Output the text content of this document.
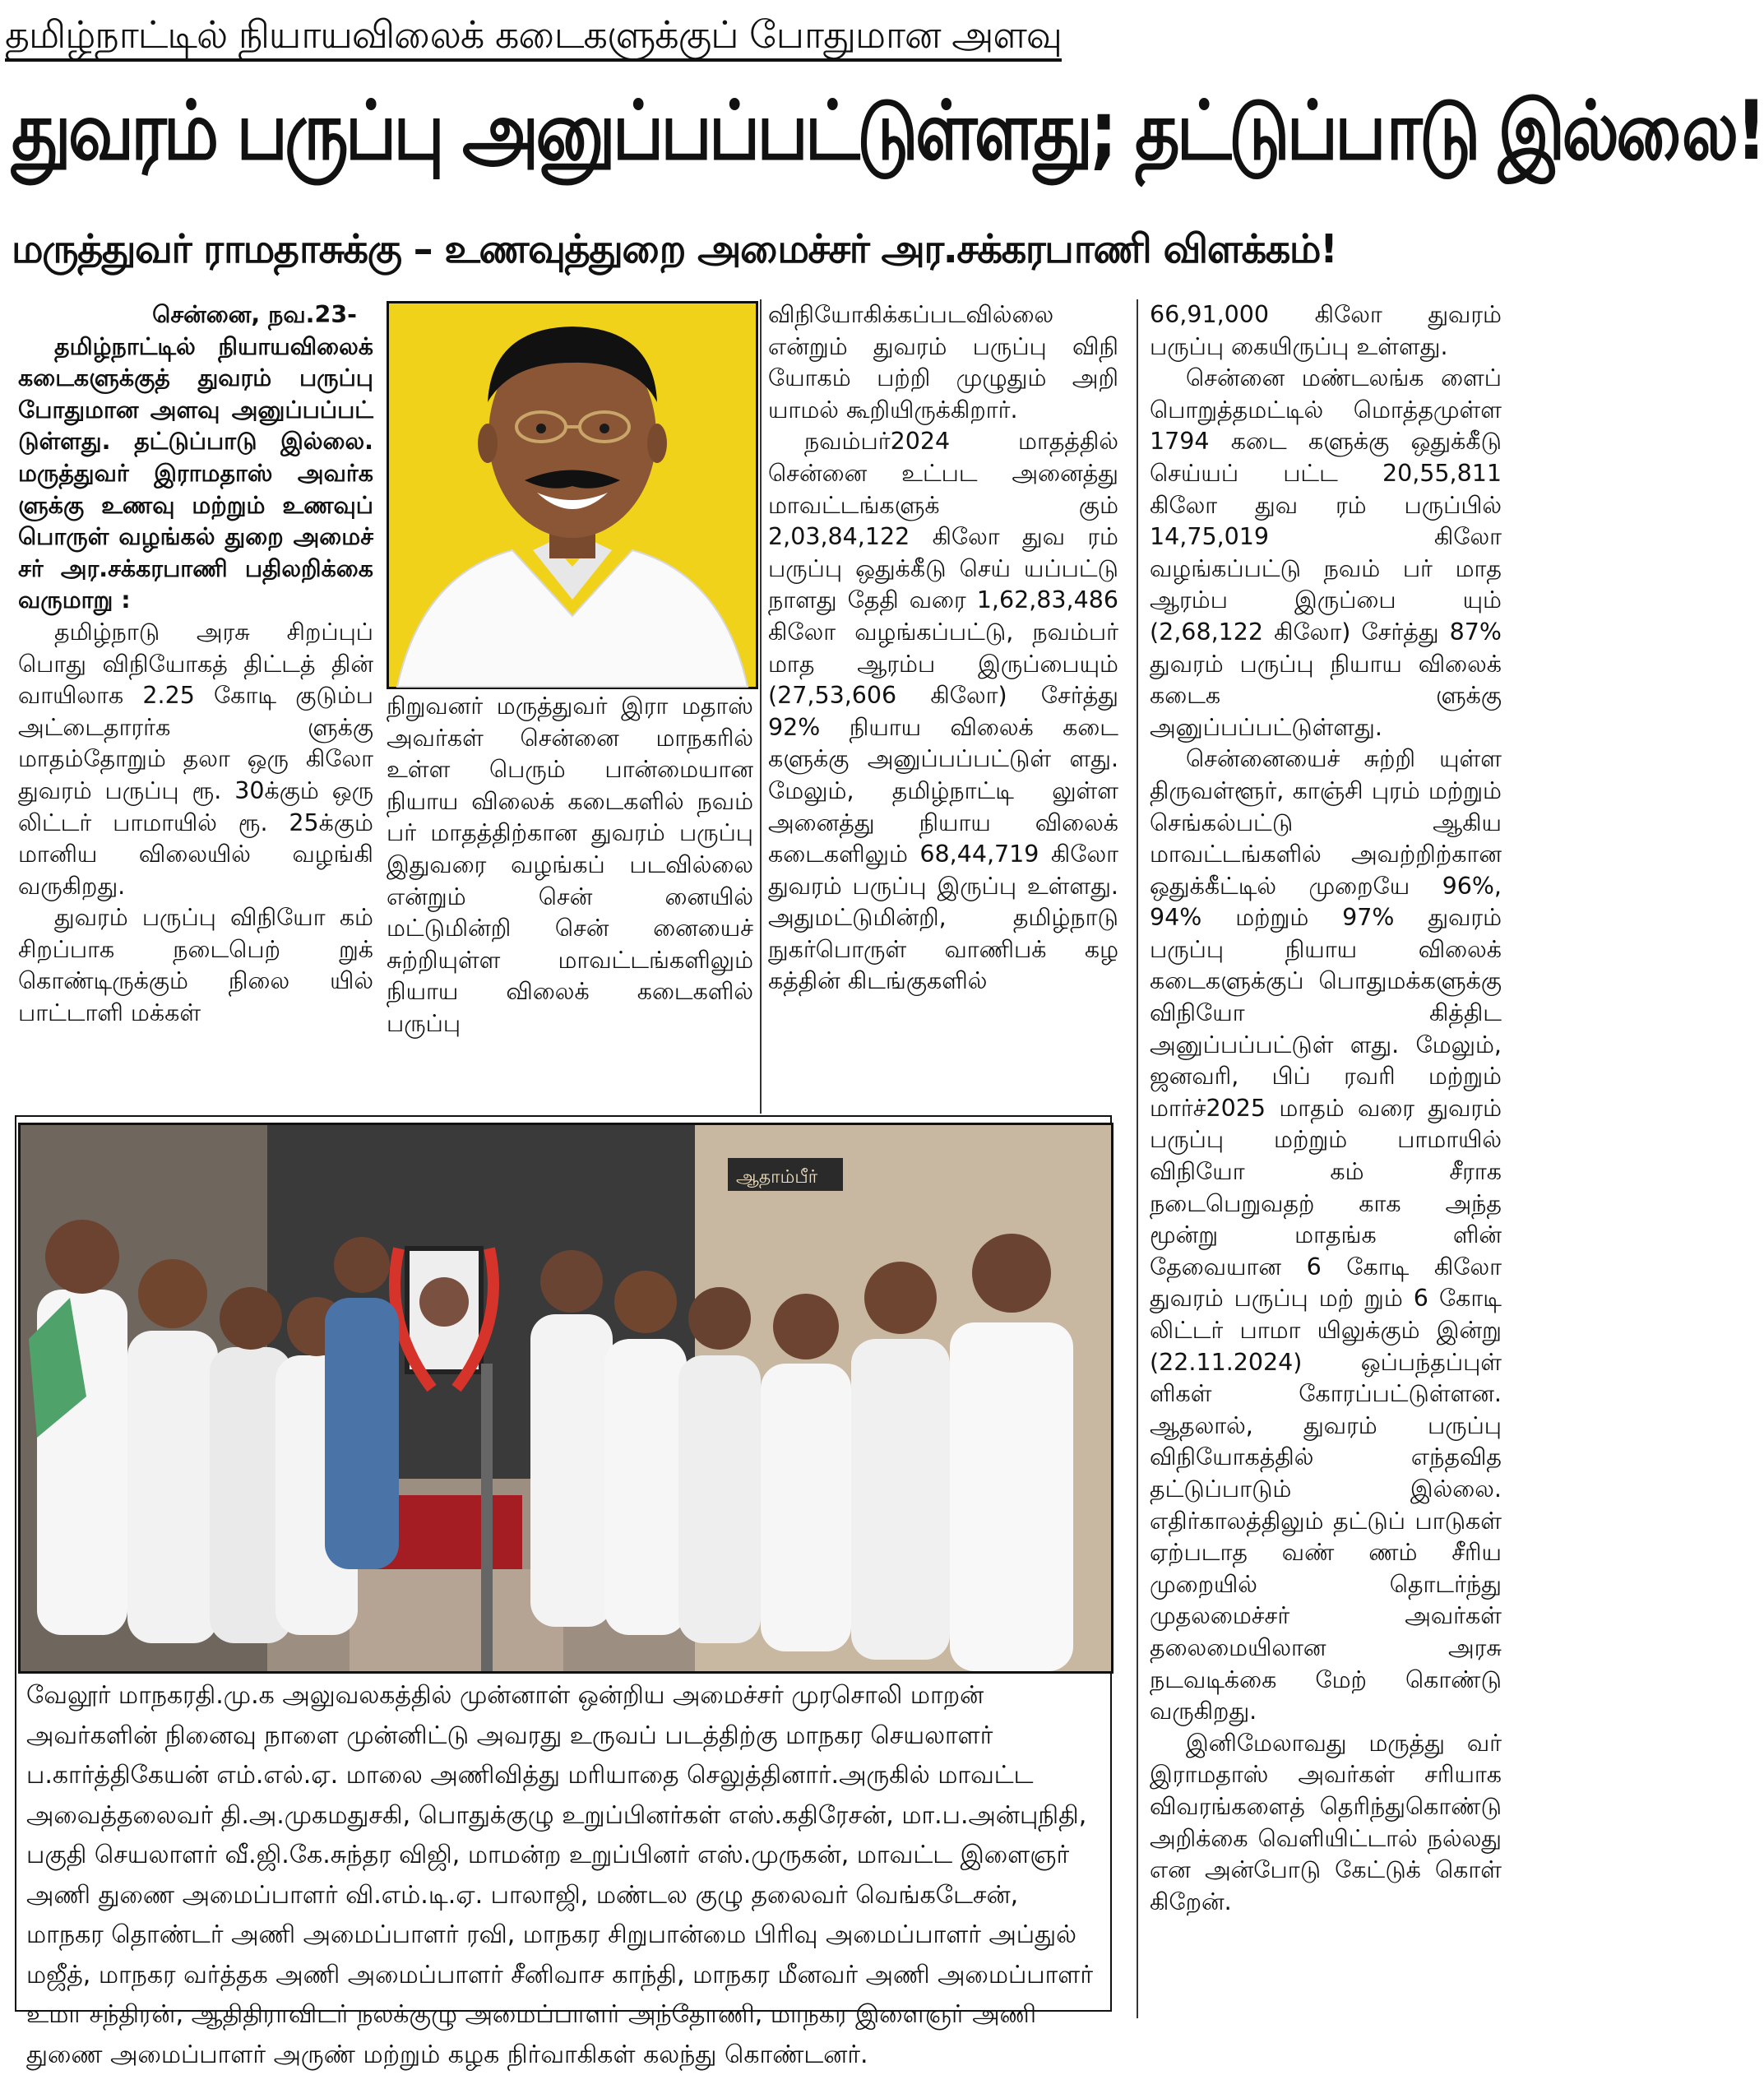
தமிழ்நாட்டில் நியாயவிலைக் கடைகளுக்குப் போதுமான அளவு
துவரம் பருப்பு அனுப்பப்பட்டுள்ளது; தட்டுப்பாடு இல்லை!
மருத்துவர் ராமதாசுக்கு – உணவுத்துறை அமைச்சர் அர.சக்கரபாணி விளக்கம்!

சென்னை, நவ.23-

தமிழ்நாட்டில் நியாயவிலைக் கடைகளுக்குத் துவரம் பருப்பு போதுமான அளவு அனுப்பப்பட் டுள்ளது. தட்டுப்பாடு இல்லை. மருத்துவர் இராமதாஸ் அவர்க ளுக்கு உணவு மற்றும் உணவுப் பொருள் வழங்கல் துறை அமைச் சர் அர.சக்கரபாணி பதிலறிக்கை வருமாறு :

தமிழ்நாடு அரசு சிறப்புப் பொது விநியோகத் திட்டத் தின் வாயிலாக 2.25 கோடி குடும்ப அட்டைதாரர்க ளுக்கு மாதம்தோறும் தலா ஒரு கிலோ துவரம் பருப்பு ரூ. 30க்கும் ஒரு லிட்டர் பாமாயில் ரூ. 25க்கும் மானிய விலையில் வழங்கி வருகிறது.

துவரம் பருப்பு விநியோ கம் சிறப்பாக நடைபெற் றுக் கொண்டிருக்கும் நிலை யில் பாட்டாளி மக்கள்

நிறுவனர் மருத்துவர் இரா மதாஸ் அவர்கள் சென்னை மாநகரில் உள்ள பெரும் பான்மையான நியாய விலைக் கடைகளில் நவம் பர் மாதத்திற்கான துவரம் பருப்பு இதுவரை வழங்கப் படவில்லை என்றும் சென் னையில் மட்டுமின்றி சென் னையைச் சுற்றியுள்ள மாவட்டங்களிலும் நியாய விலைக் கடைகளில் பருப்பு

விநியோகிக்கப்படவில்லை என்றும் துவரம் பருப்பு விநி யோகம் பற்றி முழுதும் அறி யாமல் கூறியிருக்கிறார்.

நவம்பர்2024 மாதத்தில் சென்னை உட்பட அனைத்து மாவட்டங்களுக் கும் 2,03,84,122 கிலோ துவ ரம் பருப்பு ஒதுக்கீடு செய் யப்பட்டு நாளது தேதி வரை 1,62,83,486 கிலோ வழங்கப்பட்டு, நவம்பர் மாத ஆரம்ப இருப்பையும் (27,53,606 கிலோ) சேர்த்து 92% நியாய விலைக் கடை களுக்கு அனுப்பப்பட்டுள் ளது. மேலும், தமிழ்நாட்டி லுள்ள அனைத்து நியாய விலைக் கடைகளிலும் 68,44,719 கிலோ துவரம் பருப்பு இருப்பு உள்ளது. அதுமட்டுமின்றி, தமிழ்நாடு நுகர்பொருள் வாணிபக் கழ கத்தின் கிடங்குகளில்

66,91,000 கிலோ துவரம் பருப்பு கையிருப்பு உள்ளது.

சென்னை மண்டலங்க ளைப் பொறுத்தமட்டில் மொத்தமுள்ள 1794 கடை களுக்கு ஒதுக்கீடு செய்யப் பட்ட 20,55,811 கிலோ துவ ரம் பருப்பில் 14,75,019 கிலோ வழங்கப்பட்டு நவம் பர் மாத ஆரம்ப இருப்பை யும் (2,68,122 கிலோ) சேர்த்து 87% துவரம் பருப்பு நியாய விலைக் கடைக ளுக்கு அனுப்பப்பட்டுள்ளது.

சென்னையைச் சுற்றி யுள்ள திருவள்ளூர், காஞ்சி புரம் மற்றும் செங்கல்பட்டு ஆகிய மாவட்டங்களில் அவற்றிற்கான ஒதுக்கீட்டில் முறையே 96%, 94% மற்றும் 97% துவரம் பருப்பு நியாய விலைக் கடைகளுக்குப் பொதுமக்களுக்கு விநியோ கித்திட அனுப்பப்பட்டுள் ளது. மேலும், ஜனவரி, பிப் ரவரி மற்றும் மார்ச்2025 மாதம் வரை துவரம் பருப்பு மற்றும் பாமாயில் விநியோ கம் சீராக நடைபெறுவதற் காக அந்த மூன்று மாதங்க ளின் தேவையான 6 கோடி கிலோ துவரம் பருப்பு மற் றும் 6 கோடி லிட்டர் பாமா யிலுக்கும் இன்று (22.11.2024) ஒப்பந்தப்புள் ளிகள் கோரப்பட்டுள்ளன. ஆதலால், துவரம் பருப்பு விநியோகத்தில் எந்தவித தட்டுப்பாடும் இல்லை. எதிர்காலத்திலும் தட்டுப் பாடுகள் ஏற்படாத வண் ணம் சீரிய முறையில் தொடர்ந்து முதலமைச்சர் அவர்கள் தலைமையிலான அரசு நடவடிக்கை மேற் கொண்டு வருகிறது.

இனிமேலாவது மருத்து வர் இராமதாஸ் அவர்கள் சரியாக விவரங்களைத் தெரிந்துகொண்டு அறிக்கை வெளியிட்டால் நல்லது என அன்போடு கேட்டுக் கொள் கிறேன்.

ஆதாம்பீர்
வேலூர் மாநகரதி.மு.க அலுவலகத்தில் முன்னாள் ஒன்றிய அமைச்சர் முரசொலி மாறன் அவர்களின் நினைவு நாளை முன்னிட்டு அவரது உருவப் படத்திற்கு மாநகர செயலாளர் ப.கார்த்திகேயன் எம்.எல்.ஏ. மாலை அணிவித்து மரியாதை செலுத்தினார்.அருகில் மாவட்ட அவைத்தலைவர் தி.அ.முகமதுசகி, பொதுக்குழு உறுப்பினர்கள் எஸ்.கதிரேசன், மா.ப.அன்புநிதி, பகுதி செயலாளர் வீ.ஜி.கே.சுந்தர விஜி, மாமன்ற உறுப்பினர் எஸ்.முருகன், மாவட்ட இளைஞர் அணி துணை அமைப்பாளர் வி.எம்.டி.ஏ. பாலாஜி, மண்டல குழு தலைவர் வெங்கடேசன், மாநகர தொண்டர் அணி அமைப்பாளர் ரவி, மாநகர சிறுபான்மை பிரிவு அமைப்பாளர் அப்துல் மஜீத், மாநகர வர்த்தக அணி அமைப்பாளர் சீனிவாச காந்தி, மாநகர மீனவர் அணி அமைப்பாளர் உமா சந்திரன், ஆதிதிராவிடர் நலக்குழு அமைப்பாளர் அந்தோணி, மாநகர இளைஞர் அணி துணை அமைப்பாளர் அருண் மற்றும் கழக நிர்வாகிகள் கலந்து கொண்டனர்.
